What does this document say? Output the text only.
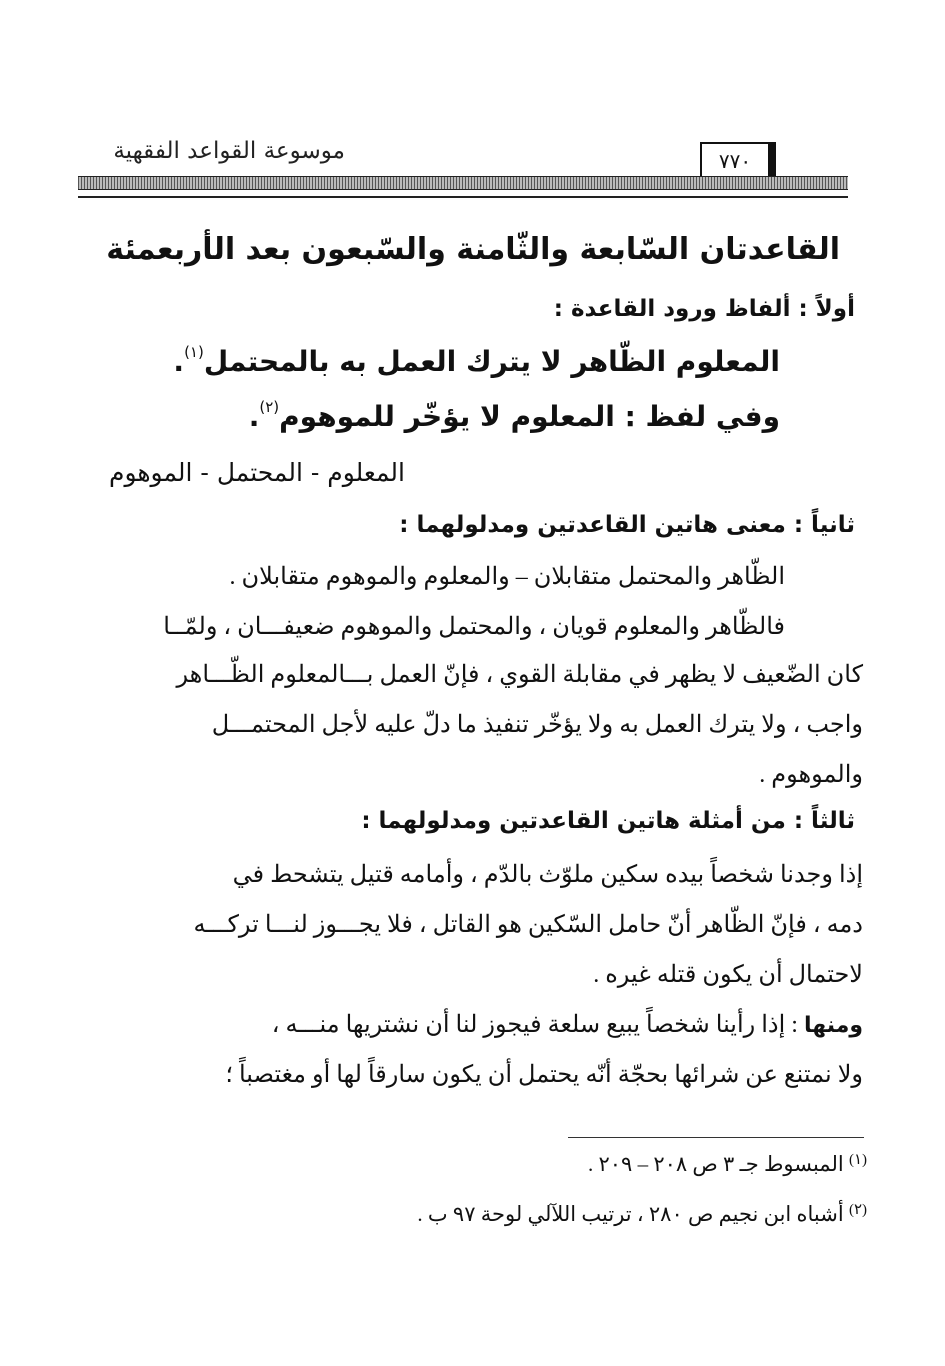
موسوعة القواعد الفقهية	٧٧٠
القاعدتان السّابعة والثّامنة والسّبعون بعد الأربعمئة
أولاً : ألفاظ ورود القاعدة :
المعلوم الظّاهر لا يترك العمل به بالمحتمل$^{(١)}$.
وفي لفظ : المعلوم لا يؤخّر للموهوم$^{(٢)}$.
المعلوم - المحتمل - الموهوم
ثانياً : معنى هاتين القاعدتين ومدلولهما :
الظّاهر والمحتمل متقابلان – والمعلوم والموهوم متقابلان .
فالظّاهر والمعلوم قويان ، والمحتمل والموهوم ضعيفـــان ، ولمّــا
كان الضّعيف لا يظهر في مقابلة القوي ، فإنّ العمل بـــالمعلوم الظّـــاهر
واجب ، ولا يترك العمل به ولا يؤخّر تنفيذ ما دلّ عليه لأجل المحتمـــل
والموهوم .
ثالثاً : من أمثلة هاتين القاعدتين ومدلولهما :
إذا وجدنا شخصاً بيده سكين ملوّث بالدّم ، وأمامه قتيل يتشحط في
دمه ، فإنّ الظّاهر أنّ حامل السّكين هو القاتل ، فلا يجـــوز لنـــا تركـــه
لاحتمال أن يكون قتله غيره .
ومنها : إذا رأينا شخصاً يبيع سلعة فيجوز لنا أن نشتريها منـــه ،
ولا نمتنع عن شرائها بحجّة أنّه يحتمل أن يكون سارقاً لها أو مغتصباً ؛
$^{(١)}$ المبسوط جـ ٣ ص ٢٠٨ – ٢٠٩ .
$^{(٢)}$ أشباه ابن نجيم ص ٢٨٠ ، ترتيب اللآلي لوحة ٩٧ ب .
